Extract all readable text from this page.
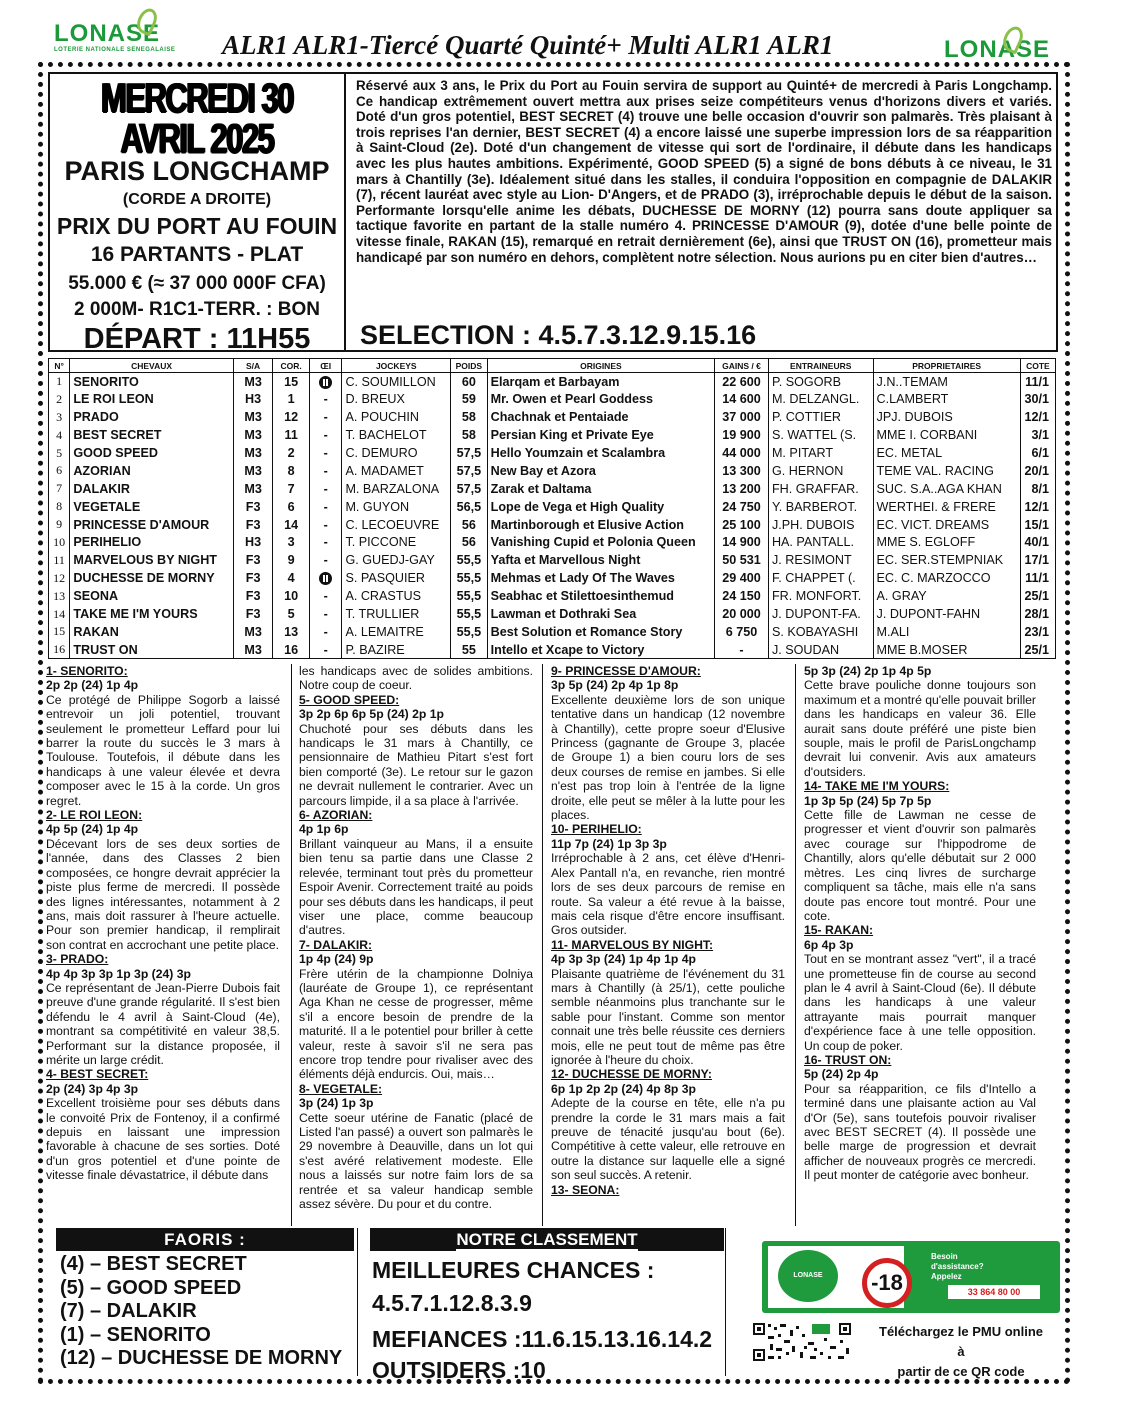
LONASE
LOTERIE NATIONALE SENEGALAISE ALR1 ALR1-Tiercé Quarté Quinté+ Multi ALR1 ALR1	LONASE
MERCREDI 30 AVRIL 2025
PARIS LONGCHAMP
(CORDE A DROITE)
PRIX DU PORT AU FOUIN
16 PARTANTS - PLAT
55.000 € (≈ 37 000 000F CFA)
2 000M- R1C1-TERR. : BON
DÉPART : 11H55
Réservé aux 3 ans, le Prix du Port au Fouin servira de support au Quinté+ de mercredi à Paris Longchamp. Ce handicap extrêmement ouvert mettra aux prises seize compétiteurs venus d'horizons divers et variés. Doté d'un gros potentiel, BEST SECRET (4) trouve une belle occasion d'ouvrir son palmarès. Très plaisant à trois reprises l'an dernier, BEST SECRET (4) a encore laissé une superbe impression lors de sa réapparition à Saint-Cloud (2e). Doté d'un changement de vitesse qui sort de l'ordinaire, il débute dans les handicaps avec les plus hautes ambitions. Expérimenté, GOOD SPEED (5) a signé de bons débuts à ce niveau, le 31 mars à Chantilly (3e). Idéalement situé dans les stalles, il conduira l'opposition en compagnie de DALAKIR (7), récent lauréat avec style au Lion- D'Angers, et de PRADO (3), irréprochable depuis le début de la saison. Performante lorsqu'elle anime les débats, DUCHESSE DE MORNY (12) pourra sans doute appliquer sa tactique favorite en partant de la stalle numéro 4. PRINCESSE D'AMOUR (9), dotée d'une belle pointe de vitesse finale, RAKAN (15), remarqué en retrait dernièrement (6e), ainsi que TRUST ON (16), prometteur mais handicapé par son numéro en dehors, complètent notre sélection. Nous aurions pu en citer bien d'autres…
SELECTION : 4.5.7.3.12.9.15.16
N°	CHEVAUX	S/A	COR.	ŒI	JOCKEYS	POIDS	ORIGINES	GAINS / €	ENTRAINEURS	PROPRIETAIRES	COTE
1	SENORITO	M3	15		C. SOUMILLON	60	Elarqam et Barbayam	22 600	P. SOGORB	J.N..TEMAM	11/1
2	LE ROI LEON	H3	1	-	D. BREUX	59	Mr. Owen et Pearl Goddess	14 600	M. DELZANGL.	C.LAMBERT	30/1
3	PRADO	M3	12	-	A. POUCHIN	58	Chachnak et Pentaiade	37 000	P. COTTIER	JPJ. DUBOIS	12/1
4	BEST SECRET	M3	11	-	T. BACHELOT	58	Persian King et Private Eye	19 900	S. WATTEL (S.	MME I. CORBANI	3/1
5	GOOD SPEED	M3	2	-	C. DEMURO	57,5	Hello Youmzain et Scalambra	44 000	M. PITART	EC. METAL	6/1
6	AZORIAN	M3	8	-	A. MADAMET	57,5	New Bay et Azora	13 300	G. HERNON	TEME VAL. RACING	20/1
7	DALAKIR	M3	7	-	M. BARZALONA	57,5	Zarak et Daltama	13 200	FH. GRAFFAR.	SUC. S.A..AGA KHAN	8/1
8	VEGETALE	F3	6	-	M. GUYON	56,5	Lope de Vega et High Quality	24 750	Y. BARBEROT.	WERTHEI. & FRERE	12/1
9	PRINCESSE D'AMOUR	F3	14	-	C. LECOEUVRE	56	Martinborough et Elusive Action	25 100	J.PH. DUBOIS	EC. VICT. DREAMS	15/1
10	PERIHELIO	H3	3	-	T. PICCONE	56	Vanishing Cupid et Polonia Queen	14 900	HA. PANTALL.	MME S. EGLOFF	40/1
11	MARVELOUS BY NIGHT	F3	9	-	G. GUEDJ-GAY	55,5	Yafta et Marvellous Night	50 531	J. RESIMONT	EC. SER.STEMPNIAK	17/1
12	DUCHESSE DE MORNY	F3	4		S. PASQUIER	55,5	Mehmas et Lady Of The Waves	29 400	F. CHAPPET (.	EC. C. MARZOCCO	11/1
13	SEONA	F3	10	-	A. CRASTUS	55,5	Seabhac et Stilettoesinthemud	24 150	FR. MONFORT.	A. GRAY	25/1
14	TAKE ME I'M YOURS	F3	5	-	T. TRULLIER	55,5	Lawman et Dothraki Sea	20 000	J. DUPONT-FA.	J. DUPONT-FAHN	28/1
15	RAKAN	M3	13	-	A. LEMAITRE	55,5	Best Solution et Romance Story	6 750	S. KOBAYASHI	M.ALI	23/1
16	TRUST ON	M3	16	-	P. BAZIRE	55	Intello et Xcape to Victory	-	J. SOUDAN	MME B.MOSER	25/1
1- SENORITO:
2p 2p (24) 1p 4p
Ce protégé de Philippe Sogorb a laissé entrevoir un joli potentiel, trouvant seulement le prometteur Leffard pour lui barrer la route du succès le 3 mars à Toulouse. Toutefois, il débute dans les handicaps à une valeur élevée et devra composer avec le 15 à la corde. Un gros regret.
2- LE ROI LEON:
4p 5p (24) 1p 4p
Décevant lors de ses deux sorties de l'année, dans des Classes 2 bien composées, ce hongre devrait apprécier la piste plus ferme de mercredi. Il possède des lignes intéressantes, notamment à 2 ans, mais doit rassurer à l'heure actuelle. Pour son premier handicap, il remplirait son contrat en accrochant une petite place.
3- PRADO:
4p 4p 3p 3p 1p 3p (24) 3p
Ce représentant de Jean-Pierre Dubois fait preuve d'une grande régularité. Il s'est bien défendu le 4 avril à Saint-Cloud (4e), montrant sa compétitivité en valeur 38,5. Performant sur la distance proposée, il mérite un large crédit.
4- BEST SECRET:
2p (24) 3p 4p 3p
Excellent troisième pour ses débuts dans le convoité Prix de Fontenoy, il a confirmé depuis en laissant une impression favorable à chacune de ses sorties. Doté d'un gros potentiel et d'une pointe de vitesse finale dévastatrice, il débute dans
les handicaps avec de solides ambitions. Notre coup de coeur.
5- GOOD SPEED:
3p 2p 6p 6p 5p (24) 2p 1p
Chuchoté pour ses débuts dans les handicaps le 31 mars à Chantilly, ce pensionnaire de Mathieu Pitart s'est fort bien comporté (3e). Le retour sur le gazon ne devrait nullement le contrarier. Avec un parcours limpide, il a sa place à l'arrivée.
6- AZORIAN:
4p 1p 6p
Brillant vainqueur au Mans, il a ensuite bien tenu sa partie dans une Classe 2 relevée, terminant tout près du prometteur Espoir Avenir. Correctement traité au poids pour ses débuts dans les handicaps, il peut viser une place, comme beaucoup d'autres.
7- DALAKIR:
1p 4p (24) 9p
Frère utérin de la championne Dolniya (lauréate de Groupe 1), ce représentant Aga Khan ne cesse de progresser, même s'il a encore besoin de prendre de la maturité. Il a le potentiel pour briller à cette valeur, reste à savoir s'il ne sera pas encore trop tendre pour rivaliser avec des éléments déjà endurcis. Oui, mais…
8- VEGETALE:
3p (24) 1p 3p
Cette soeur utérine de Fanatic (placé de Listed l'an passé) a ouvert son palmarès le 29 novembre à Deauville, dans un lot qui s'est avéré relativement modeste. Elle nous a laissés sur notre faim lors de sa rentrée et sa valeur handicap semble assez sévère. Du pour et du contre.
9- PRINCESSE D'AMOUR:
3p 5p (24) 2p 4p 1p 8p
Excellente deuxième lors de son unique tentative dans un handicap (12 novembre à Chantilly), cette propre soeur d'Elusive Princess (gagnante de Groupe 3, placée de Groupe 1) a bien couru lors de ses deux courses de remise en jambes. Si elle n'est pas trop loin à l'entrée de la ligne droite, elle peut se mêler à la lutte pour les places.
10- PERIHELIO:
11p 7p (24) 1p 3p 3p
Irréprochable à 2 ans, cet élève d'Henri-Alex Pantall n'a, en revanche, rien montré lors de ses deux parcours de remise en route. Sa valeur a été revue à la baisse, mais cela risque d'être encore insuffisant. Gros outsider.
11- MARVELOUS BY NIGHT:
4p 3p 3p (24) 1p 4p 1p 4p
Plaisante quatrième de l'événement du 31 mars à Chantilly (à 25/1), cette pouliche semble néanmoins plus tranchante sur le sable pour l'instant. Comme son mentor connait une très belle réussite ces derniers mois, elle ne peut tout de même pas être ignorée à l'heure du choix.
12- DUCHESSE DE MORNY:
6p 1p 2p 2p (24) 4p 8p 3p
Adepte de la course en tête, elle n'a pu prendre la corde le 31 mars mais a fait preuve de ténacité jusqu'au bout (6e). Compétitive à cette valeur, elle retrouve en outre la distance sur laquelle elle a signé son seul succès. A retenir.
13- SEONA:
5p 3p (24) 2p 1p 4p 5p
Cette brave pouliche donne toujours son maximum et a montré qu'elle pouvait briller dans les handicaps en valeur 36. Elle aurait sans doute préféré une piste bien souple, mais le profil de ParisLongchamp devrait lui convenir. Avis aux amateurs d'outsiders.
14- TAKE ME I'M YOURS:
1p 3p 5p (24) 5p 7p 5p
Cette fille de Lawman ne cesse de progresser et vient d'ouvrir son palmarès avec courage sur l'hippodrome de Chantilly, alors qu'elle débutait sur 2 000 mètres. Les cinq livres de surcharge compliquent sa tâche, mais elle n'a sans doute pas encore tout montré. Pour une cote.
15- RAKAN:
6p 4p 3p
Tout en se montrant assez "vert", il a tracé une prometteuse fin de course au second plan le 4 avril à Saint-Cloud (6e). Il débute dans les handicaps à une valeur attrayante mais pourrait manquer d'expérience face à une telle opposition. Un coup de poker.
16- TRUST ON:
5p (24) 2p 4p
Pour sa réapparition, ce fils d'Intello a terminé dans une plaisante action au Val d'Or (5e), sans toutefois pouvoir rivaliser avec BEST SECRET (4). Il possède une belle marge de progression et devrait afficher de nouveaux progrès ce mercredi. Il peut monter de catégorie avec bonheur.
FAORIS :
(4) – BEST SECRET
(5) – GOOD SPEED
(7) – DALAKIR
(1) – SENORITO
(12) – DUCHESSE DE MORNY
NOTRE CLASSEMENT
MEILLEURES CHANCES :
4.5.7.1.12.8.3.9
MEFIANCES :11.6.15.13.16.14.2
OUTSIDERS :10
LONASE	-18
Besoin d'assistance? Appelez
33 864 80 00
Téléchargez le PMU online
à
partir de ce QR code
